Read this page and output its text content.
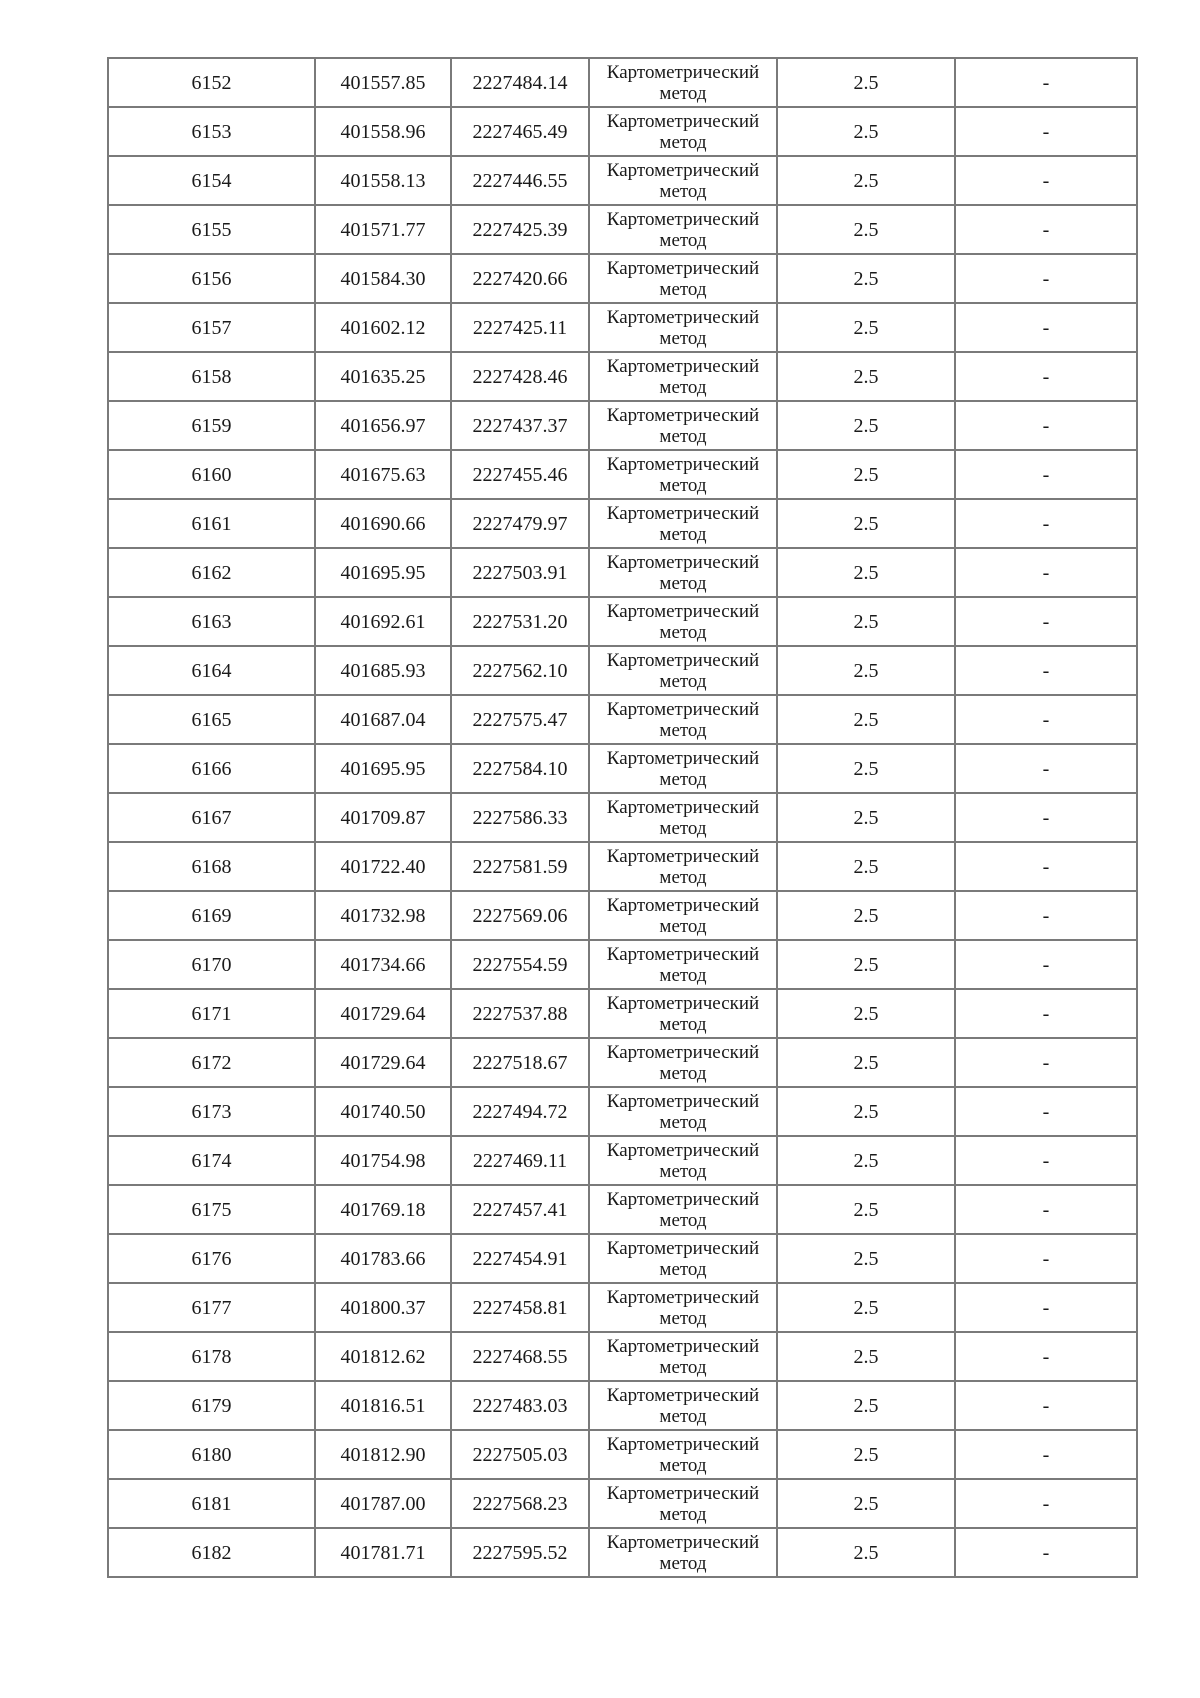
6152	401557.85	2227484.14	Картометрический метод	2.5	-
6153	401558.96	2227465.49	Картометрический метод	2.5	-
6154	401558.13	2227446.55	Картометрический метод	2.5	-
6155	401571.77	2227425.39	Картометрический метод	2.5	-
6156	401584.30	2227420.66	Картометрический метод	2.5	-
6157	401602.12	2227425.11	Картометрический метод	2.5	-
6158	401635.25	2227428.46	Картометрический метод	2.5	-
6159	401656.97	2227437.37	Картометрический метод	2.5	-
6160	401675.63	2227455.46	Картометрический метод	2.5	-
6161	401690.66	2227479.97	Картометрический метод	2.5	-
6162	401695.95	2227503.91	Картометрический метод	2.5	-
6163	401692.61	2227531.20	Картометрический метод	2.5	-
6164	401685.93	2227562.10	Картометрический метод	2.5	-
6165	401687.04	2227575.47	Картометрический метод	2.5	-
6166	401695.95	2227584.10	Картометрический метод	2.5	-
6167	401709.87	2227586.33	Картометрический метод	2.5	-
6168	401722.40	2227581.59	Картометрический метод	2.5	-
6169	401732.98	2227569.06	Картометрический метод	2.5	-
6170	401734.66	2227554.59	Картометрический метод	2.5	-
6171	401729.64	2227537.88	Картометрический метод	2.5	-
6172	401729.64	2227518.67	Картометрический метод	2.5	-
6173	401740.50	2227494.72	Картометрический метод	2.5	-
6174	401754.98	2227469.11	Картометрический метод	2.5	-
6175	401769.18	2227457.41	Картометрический метод	2.5	-
6176	401783.66	2227454.91	Картометрический метод	2.5	-
6177	401800.37	2227458.81	Картометрический метод	2.5	-
6178	401812.62	2227468.55	Картометрический метод	2.5	-
6179	401816.51	2227483.03	Картометрический метод	2.5	-
6180	401812.90	2227505.03	Картометрический метод	2.5	-
6181	401787.00	2227568.23	Картометрический метод	2.5	-
6182	401781.71	2227595.52	Картометрический метод	2.5	-
